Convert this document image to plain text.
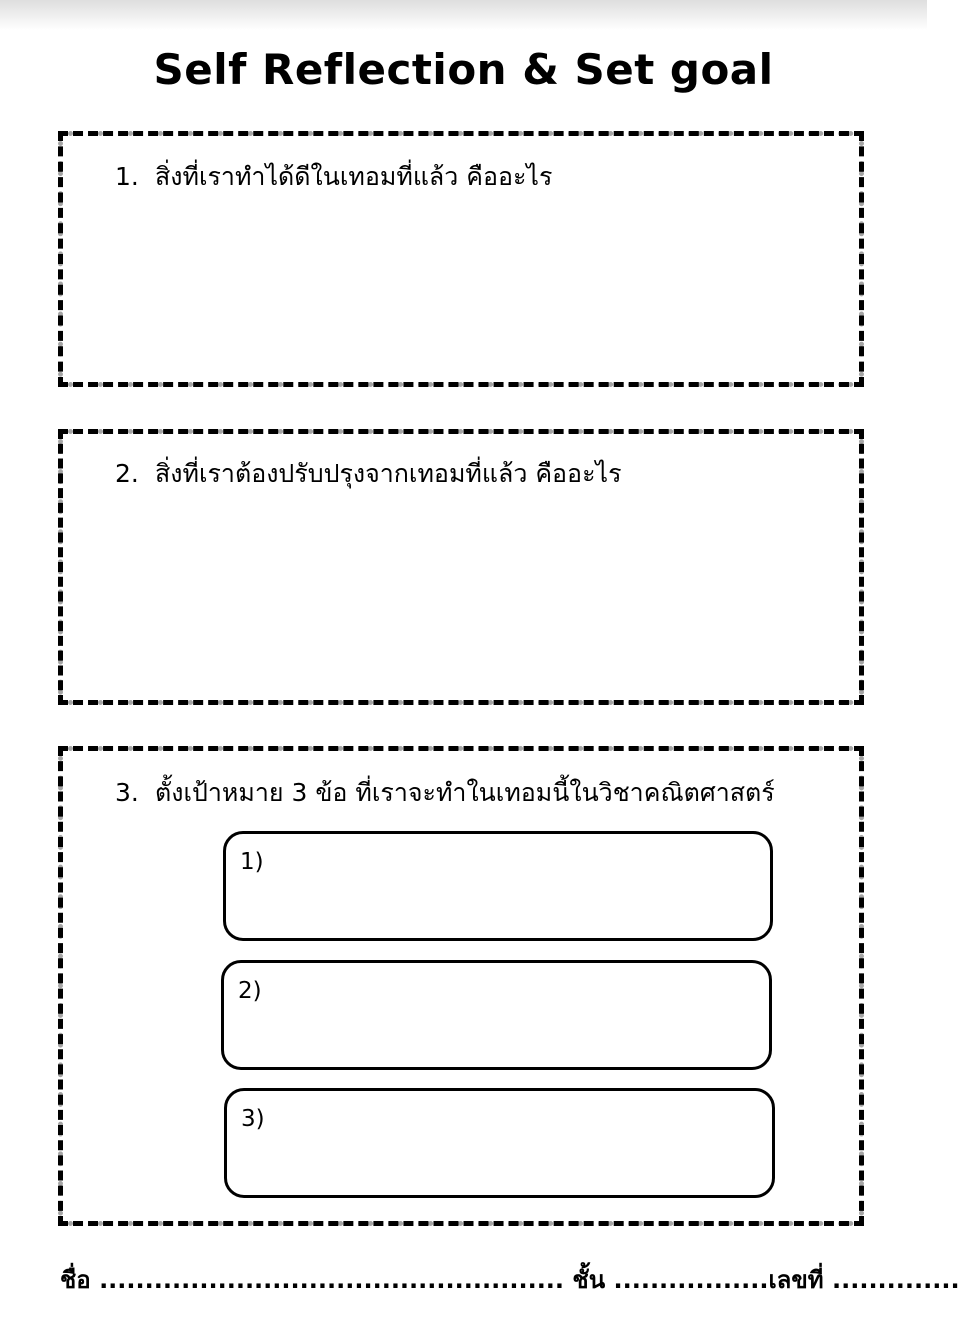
Self Reflection & Set goal
1. สิ่งที่เราทำได้ดีในเทอมที่แล้ว คืออะไร
2. สิ่งที่เราต้องปรับปรุงจากเทอมที่แล้ว คืออะไร
3. ตั้งเป้าหมาย 3 ข้อ ที่เราจะทำในเทอมนี้ในวิชาคณิตศาสตร์
1)
2)
3)
ชื่อ ................................................... ชั้น .................เลขที่ ..............
